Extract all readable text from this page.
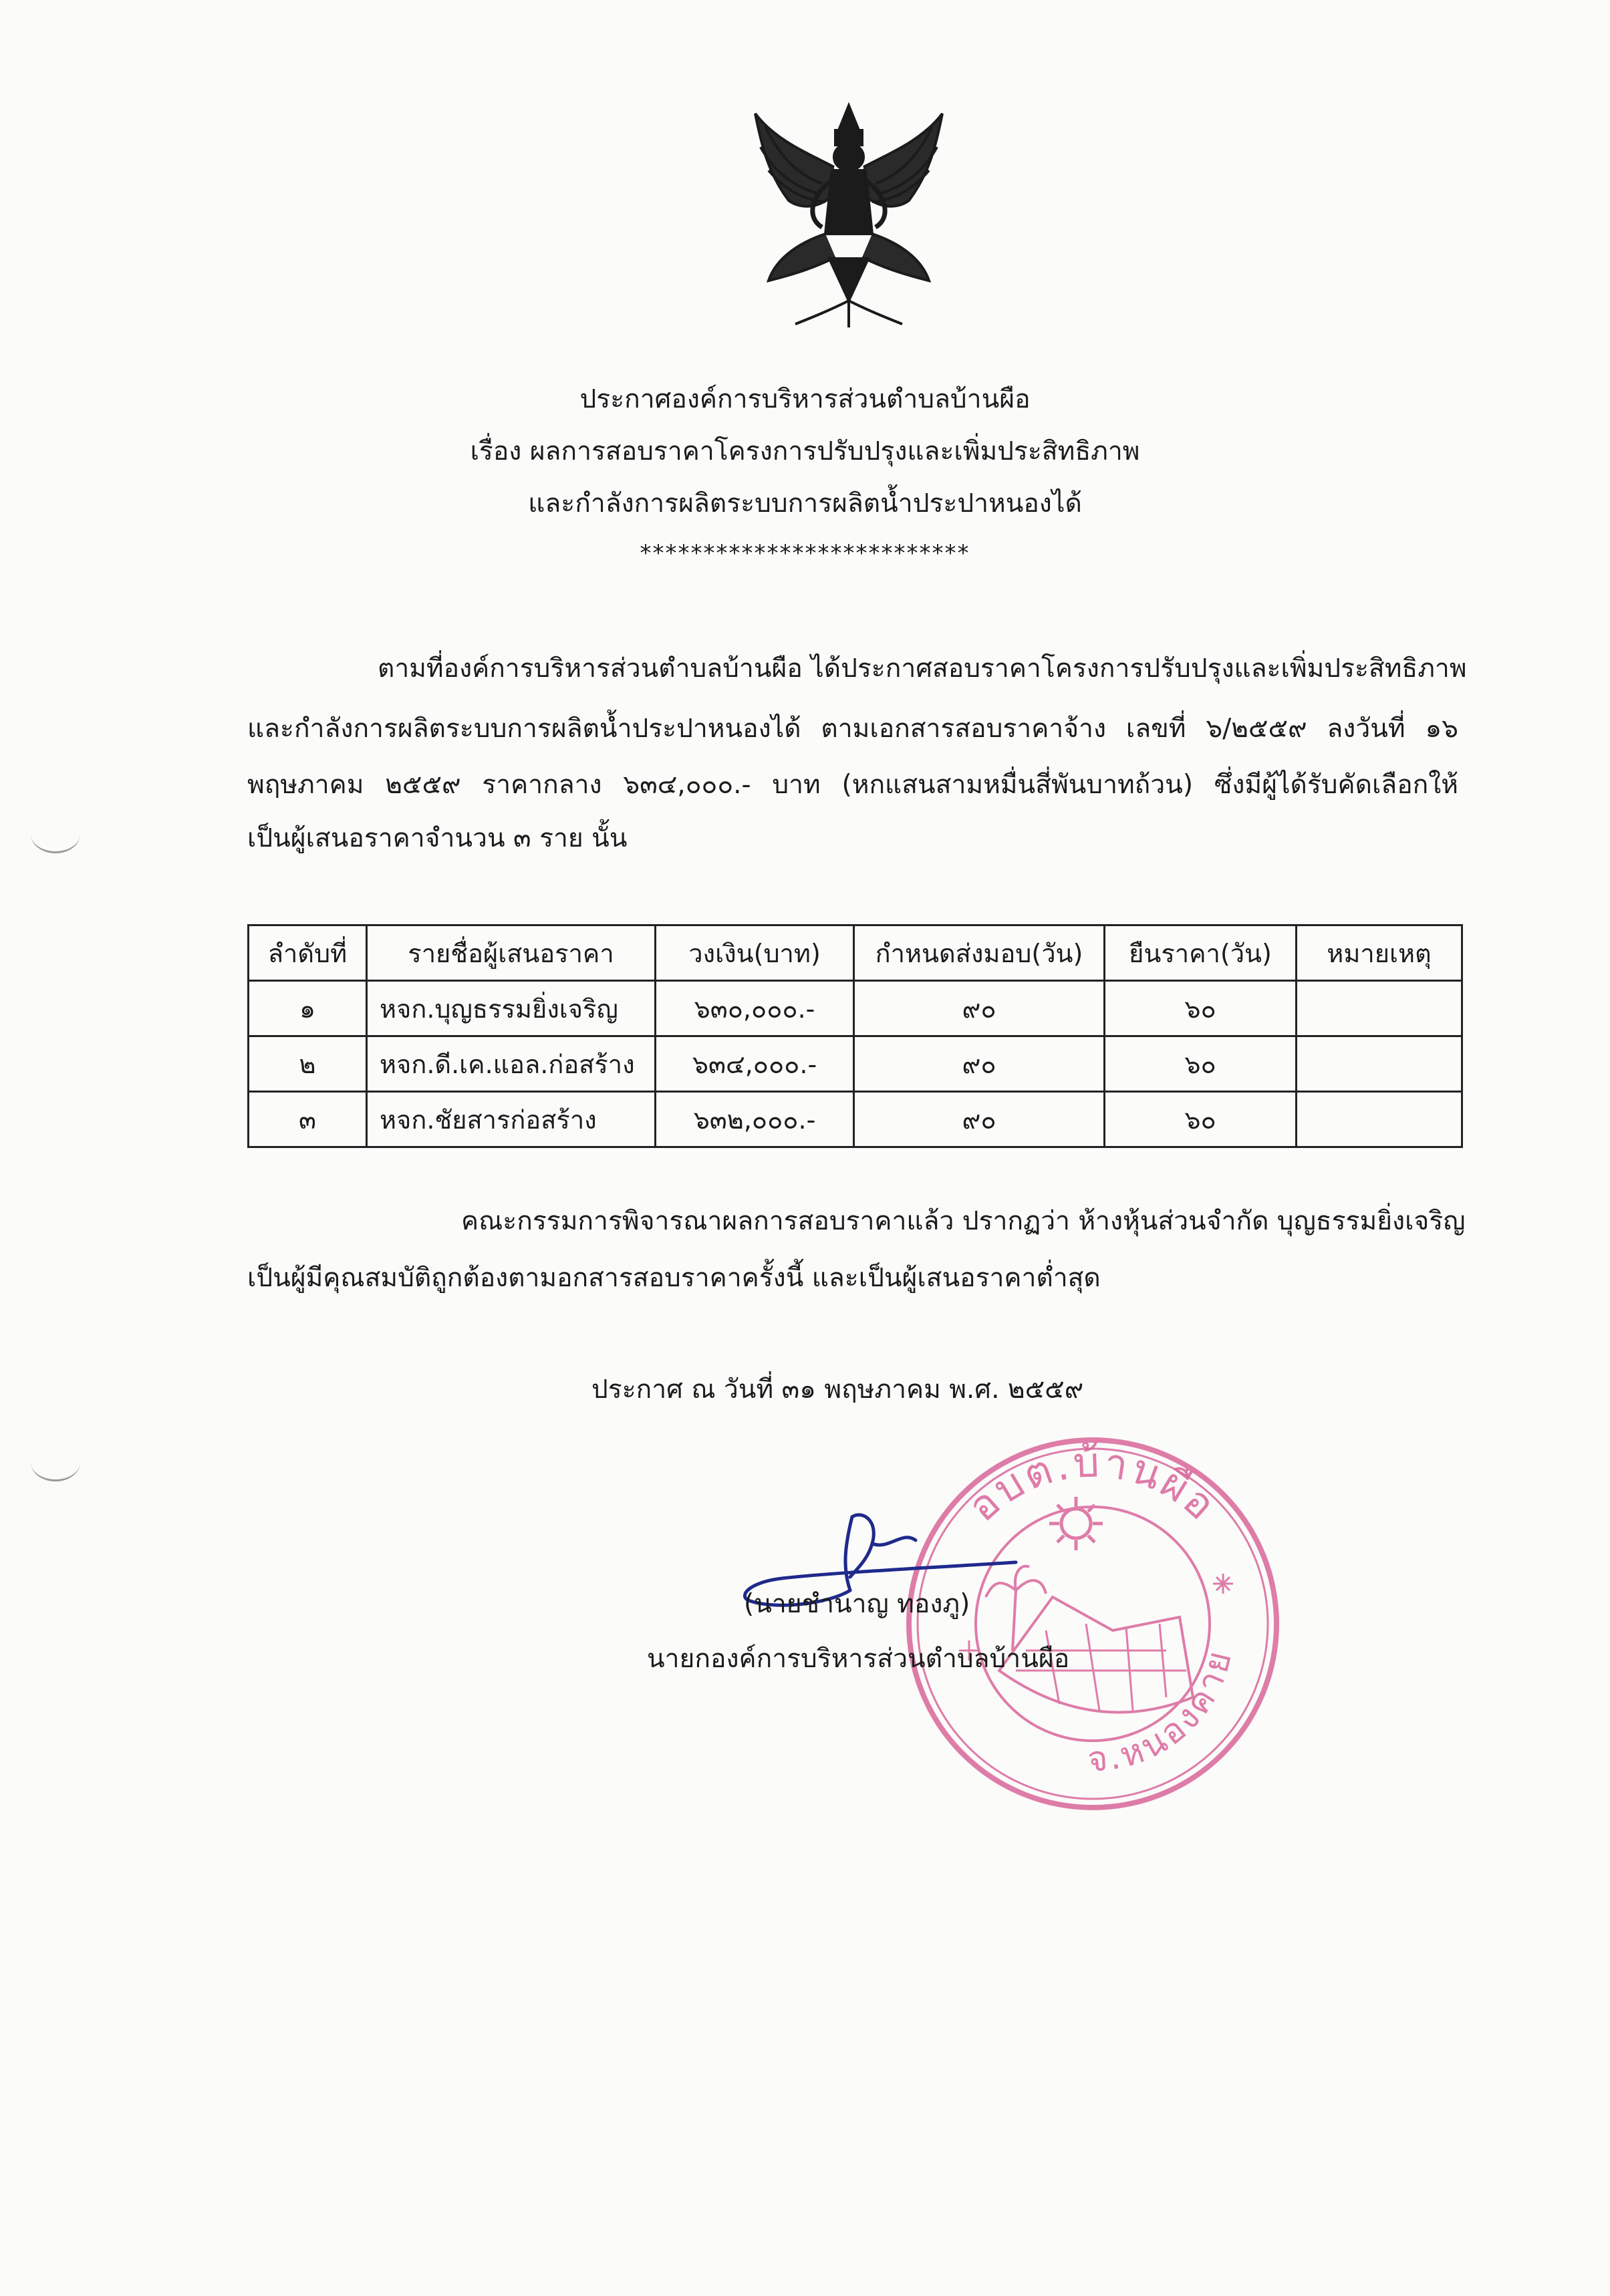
ประกาศองค์การบริหารส่วนตำบลบ้านผือ
เรื่อง ผลการสอบราคาโครงการปรับปรุงและเพิ่มประสิทธิภาพ
และกำลังการผลิตระบบการผลิตน้ำประปาหนองได้
**************************
ตามที่องค์การบริหารส่วนตำบลบ้านผือ ได้ประกาศสอบราคาโครงการปรับปรุงและเพิ่มประสิทธิภาพ
และกำลังการผลิตระบบการผลิตน้ำประปาหนองได้ ตามเอกสารสอบราคาจ้าง เลขที่ ๖/๒๕๕๙ ลงวันที่ ๑๖
พฤษภาคม ๒๕๕๙ ราคากลาง ๖๓๔,๐๐๐.- บาท (หกแสนสามหมื่นสี่พันบาทถ้วน) ซึ่งมีผู้ได้รับคัดเลือกให้
เป็นผู้เสนอราคาจำนวน ๓ ราย นั้น
ลำดับที่	รายชื่อผู้เสนอราคา	วงเงิน(บาท)	กำหนดส่งมอบ(วัน)	ยืนราคา(วัน)	หมายเหตุ
๑	หจก.บุญธรรมยิ่งเจริญ	๖๓๐,๐๐๐.-	๙๐	๖๐	
๒	หจก.ดี.เค.แอล.ก่อสร้าง	๖๓๔,๐๐๐.-	๙๐	๖๐	
๓	หจก.ชัยสารก่อสร้าง	๖๓๒,๐๐๐.-	๙๐	๖๐	
คณะกรรมการพิจารณาผลการสอบราคาแล้ว ปรากฏว่า ห้างหุ้นส่วนจำกัด บุญธรรมยิ่งเจริญ
เป็นผู้มีคุณสมบัติถูกต้องตามอกสารสอบราคาครั้งนี้ และเป็นผู้เสนอราคาต่ำสุด
ประกาศ ณ วันที่ ๓๑ พฤษภาคม พ.ศ. ๒๕๕๙
อบต.บ้านผือ
จ.หนองคาย
(นายชำนาญ ทองภู)
นายกองค์การบริหารส่วนตำบลบ้านผือ
